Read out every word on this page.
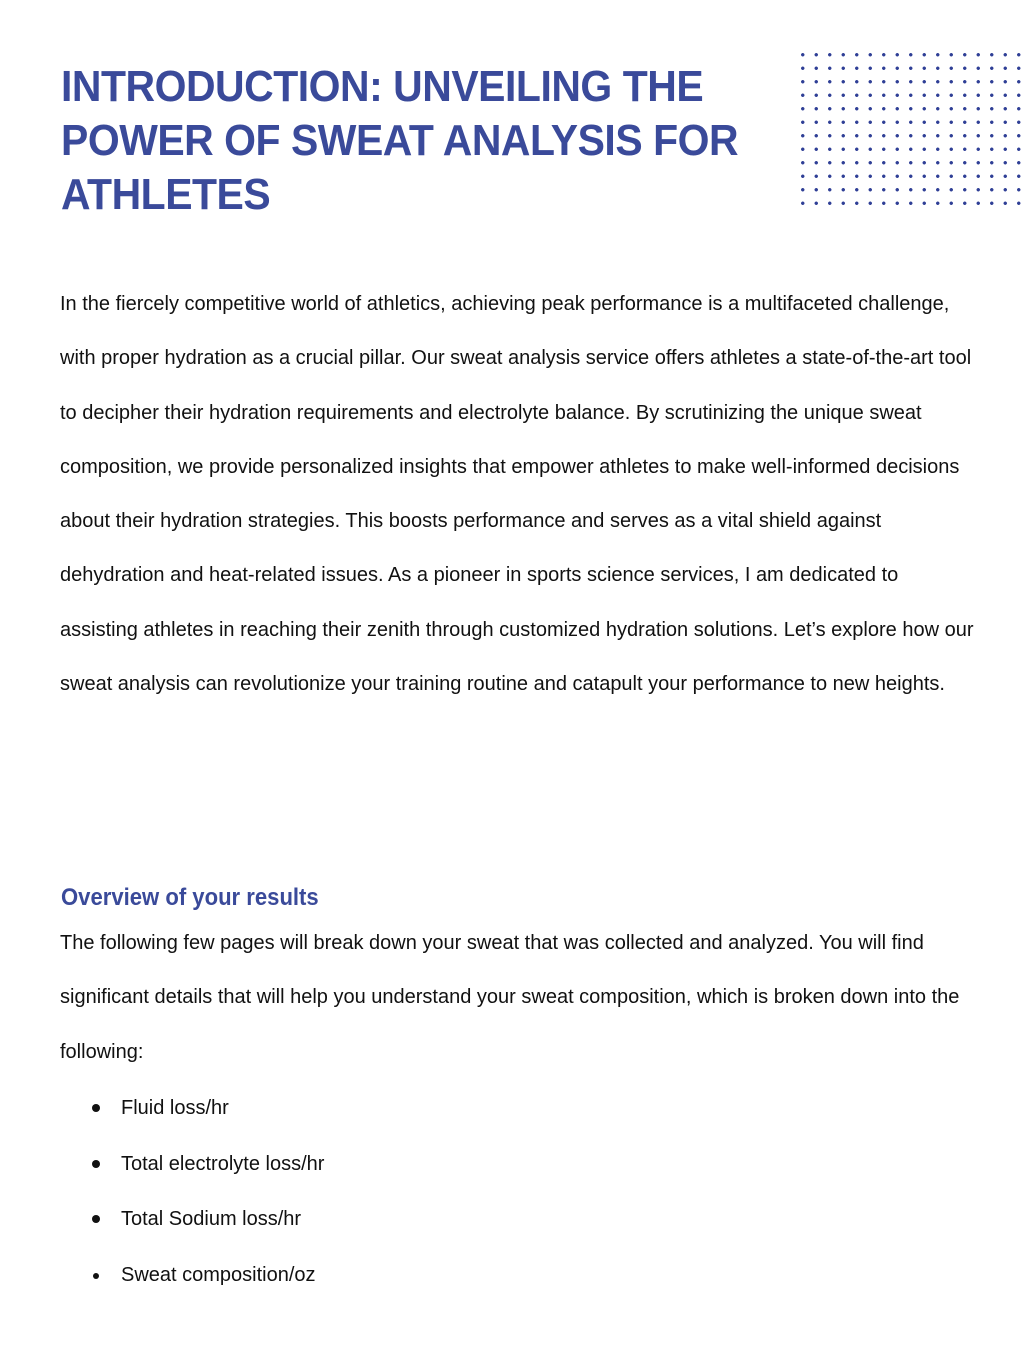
INTRODUCTION: UNVEILING THE POWER OF SWEAT ANALYSIS FOR ATHLETES

In the fiercely competitive world of athletics, achieving peak performance is a multifaceted challenge, with proper hydration as a crucial pillar. Our sweat analysis service offers athletes a state-of-the-art tool to decipher their hydration requirements and electrolyte balance. By scrutinizing the unique sweat composition, we provide personalized insights that empower athletes to make well-informed decisions about their hydration strategies. This boosts performance and serves as a vital shield against dehydration and heat-related issues. As a pioneer in sports science services, I am dedicated to assisting athletes in reaching their zenith through customized hydration solutions. Let’s explore how our sweat analysis can revolutionize your training routine and catapult your performance to new heights.

Overview of your results

The following few pages will break down your sweat that was collected and analyzed. You will find significant details that will help you understand your sweat composition, which is broken down into the following:

Fluid loss/hr
Total electrolyte loss/hr
Total Sodium loss/hr
Sweat composition/oz
